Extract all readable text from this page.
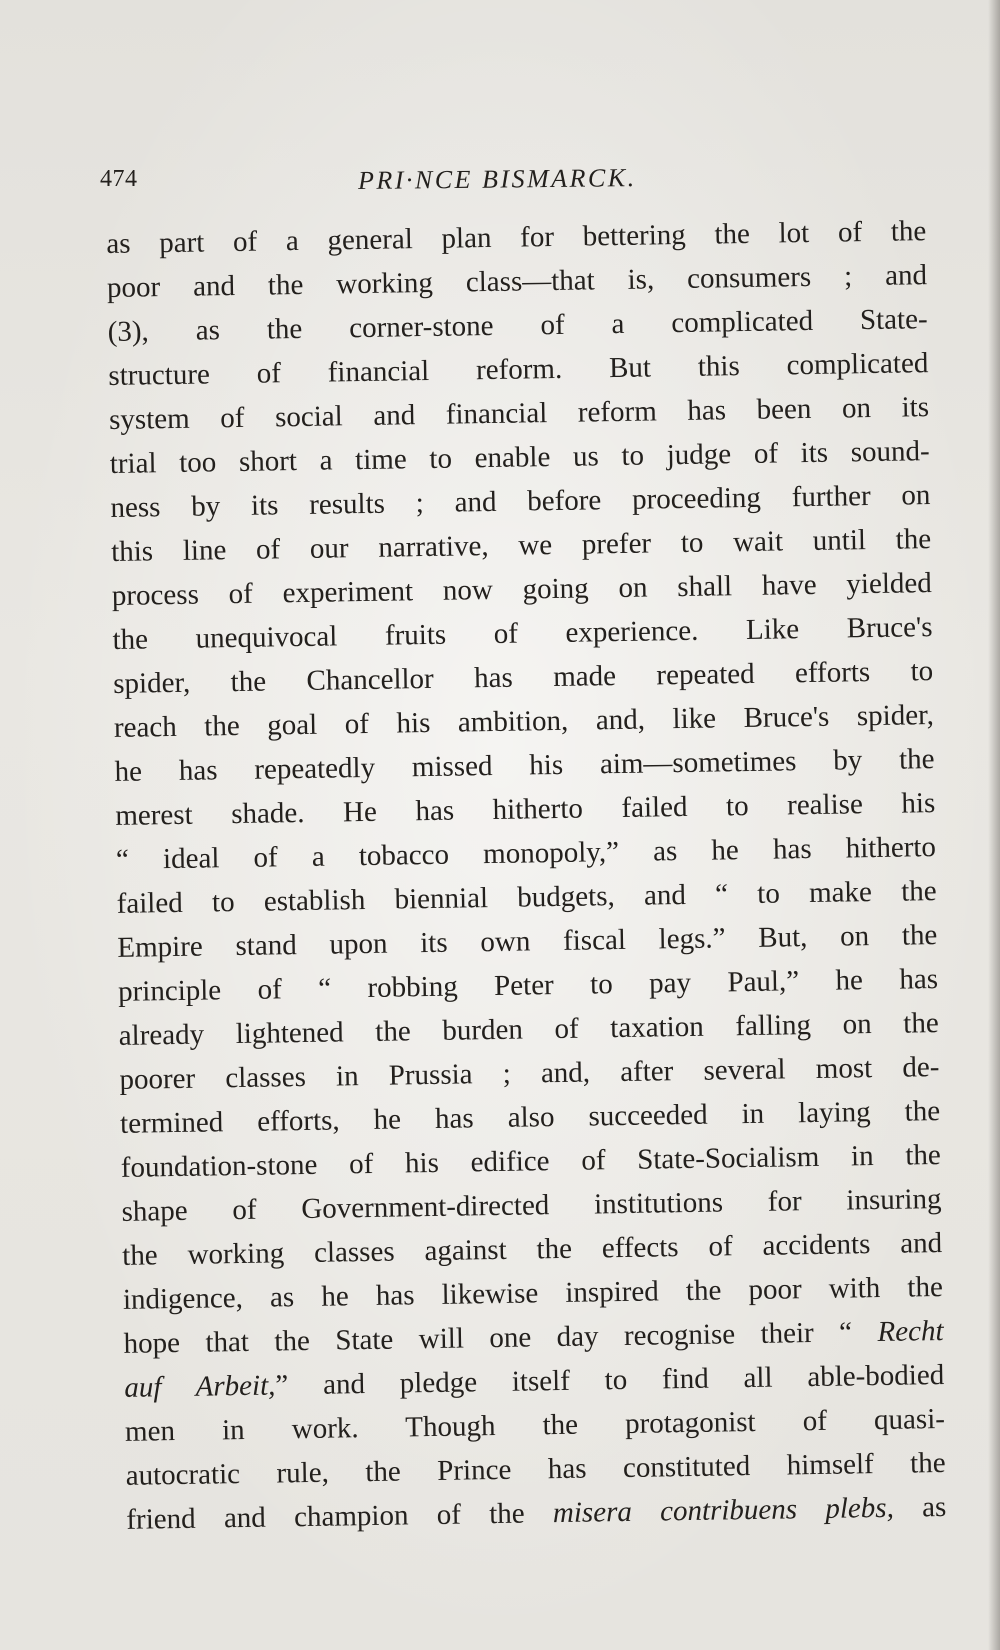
474	PRI·NCE BISMARCK.
as part of a general plan for bettering the lot of the
poor and the working class—that is, consumers ; and
(3), as the corner-stone of a complicated State-
structure of financial reform. But this complicated
system of social and financial reform has been on its
trial too short a time to enable us to judge of its sound-
ness by its results ; and before proceeding further on
this line of our narrative, we prefer to wait until the
process of experiment now going on shall have yielded
the unequivocal fruits of experience. Like Bruce's
spider, the Chancellor has made repeated efforts to
reach the goal of his ambition, and, like Bruce's spider,
he has repeatedly missed his aim—sometimes by the
merest shade. He has hitherto failed to realise his
“ ideal of a tobacco monopoly,” as he has hitherto
failed to establish biennial budgets, and “ to make the
Empire stand upon its own fiscal legs.” But, on the
principle of “ robbing Peter to pay Paul,” he has
already lightened the burden of taxation falling on the
poorer classes in Prussia ; and, after several most de-
termined efforts, he has also succeeded in laying the
foundation-stone of his edifice of State-Socialism in the
shape of Government-directed institutions for insuring
the working classes against the effects of accidents and
indigence, as he has likewise inspired the poor with the
hope that the State will one day recognise their “ Recht
auf Arbeit,” and pledge itself to find all able-bodied
men in work. Though the protagonist of quasi-
autocratic rule, the Prince has constituted himself the
friend and champion of the misera contribuens plebs, as
